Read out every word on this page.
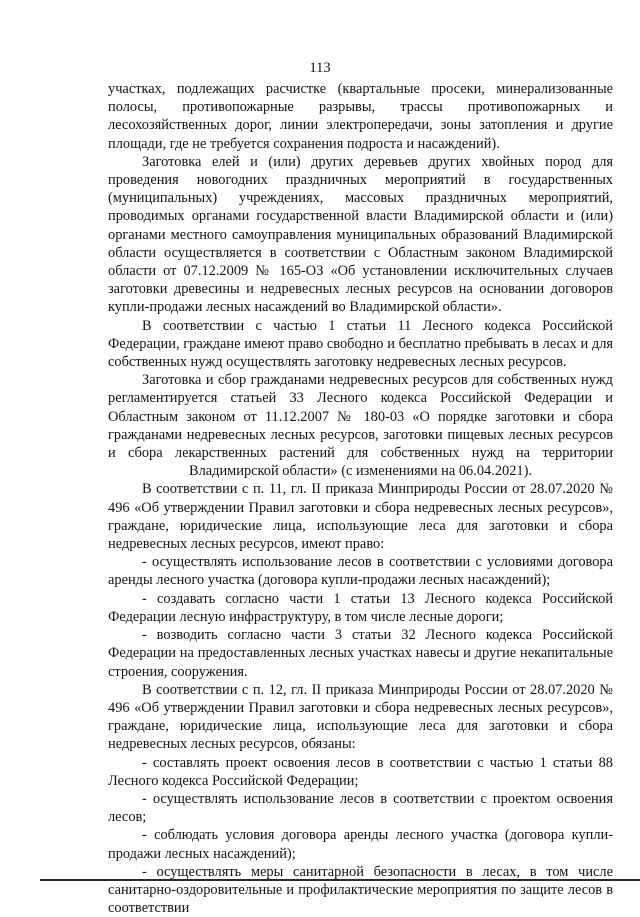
113

участках, подлежащих расчистке (квартальные просеки, минерализованные полосы, противопожарные разрывы, трассы противопожарных и лесохозяйственных дорог, линии электропередачи, зоны затопления и другие площади, где не требуется сохранения подроста и насаждений).

Заготовка елей и (или) других деревьев других хвойных пород для проведения новогодних праздничных мероприятий в государственных (муниципальных) учреждениях, массовых праздничных мероприятий, проводимых органами государственной власти Владимирской области и (или) органами местного самоуправления муниципальных образований Владимирской области осуществляется в соответствии с Областным законом Владимирской области от 07.12.2009 № 165-ОЗ «Об установлении исключительных случаев заготовки древесины и недревесных лесных ресурсов на основании договоров купли-продажи лесных насаждений во Владимирской области».

В соответствии с частью 1 статьи 11 Лесного кодекса Российской Федерации, граждане имеют право свободно и бесплатно пребывать в лесах и для собственных нужд осуществлять заготовку недревесных лесных ресурсов.

Заготовка и сбор гражданами недревесных ресурсов для собственных нужд регламентируется статьей 33 Лесного кодекса Российской Федерации и Областным законом от 11.12.2007 № 180-03 «О порядке заготовки и сбора гражданами недревесных лесных ресурсов, заготовки пищевых лесных ресурсов и сбора лекарственных растений для собственных нужд на территории Владимирской области» (с изменениями на 06.04.2021).

В соответствии с п. 11, гл. II приказа Минприроды России от 28.07.2020 № 496 «Об утверждении Правил заготовки и сбора недревесных лесных ресурсов», граждане, юридические лица, использующие леса для заготовки и сбора недревесных лесных ресурсов, имеют право:

- осуществлять использование лесов в соответствии с условиями договора аренды лесного участка (договора купли-продажи лесных насаждений);

- создавать согласно части 1 статьи 13 Лесного кодекса Российской Федерации лесную инфраструктуру, в том числе лесные дороги;

- возводить согласно части 3 статьи 32 Лесного кодекса Российской Федерации на предоставленных лесных участках навесы и другие некапитальные строения, сооружения.

В соответствии с п. 12, гл. II приказа Минприроды России от 28.07.2020 № 496 «Об утверждении Правил заготовки и сбора недревесных лесных ресурсов», граждане, юридические лица, использующие леса для заготовки и сбора недревесных лесных ресурсов, обязаны:

- составлять проект освоения лесов в соответствии с частью 1 статьи 88 Лесного кодекса Российской Федерации;

- осуществлять использование лесов в соответствии с проектом освоения лесов;

- соблюдать условия договора аренды лесного участка (договора купли-продажи лесных насаждений);

- осуществлять меры санитарной безопасности в лесах, в том числе санитарно-оздоровительные и профилактические мероприятия по защите лесов в соответствии
